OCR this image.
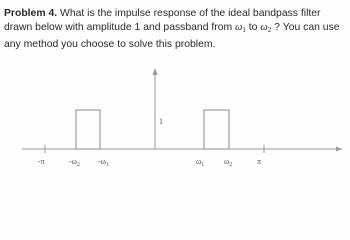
Problem 4. What is the impulse response of the ideal bandpass filter drawn below with amplitude 1 and passband from $\omega_1$ to $\omega_2$ ? You can use any method you choose to solve this problem.
1
-π	$-\omega_2$ $-\omega_1$	$\omega_1$ $\omega_2$	π
